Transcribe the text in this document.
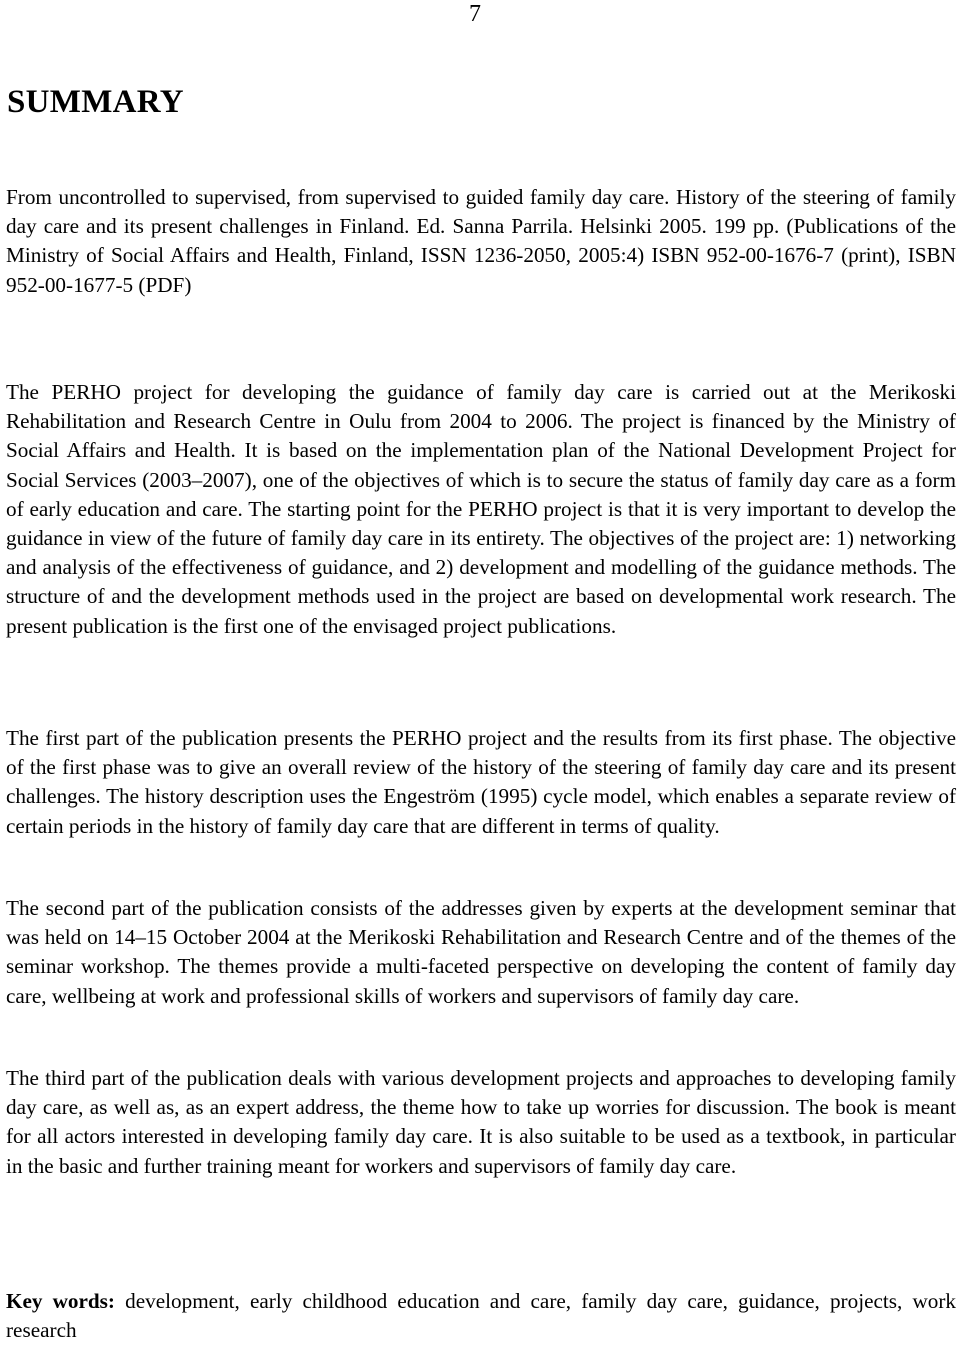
7
SUMMARY

From uncontrolled to supervised, from supervised to guided family day care. History of the steering of family day care and its present challenges in Finland. Ed. Sanna Parrila. Helsinki 2005. 199 pp. (Publications of the Ministry of Social Affairs and Health, Finland, ISSN 1236-2050, 2005:4) ISBN 952-00-1676-7 (print), ISBN 952-00-1677-5 (PDF)

The PERHO project for developing the guidance of family day care is carried out at the Merikoski Rehabilitation and Research Centre in Oulu from 2004 to 2006. The project is financed by the Ministry of Social Affairs and Health. It is based on the implementation plan of the National Development Project for Social Services (2003–2007), one of the objectives of which is to secure the status of family day care as a form of early education and care. The starting point for the PERHO project is that it is very important to develop the guidance in view of the future of family day care in its entirety. The objectives of the project are: 1) networking and analysis of the effectiveness of guidance, and 2) development and modelling of the guidance methods. The structure of and the development methods used in the project are based on developmental work research. The present publication is the first one of the envisaged project publications.

The first part of the publication presents the PERHO project and the results from its first phase. The objective of the first phase was to give an overall review of the history of the steering of family day care and its present challenges. The history description uses the Engeström (1995) cycle model, which enables a separate review of certain periods in the history of family day care that are different in terms of quality.

The second part of the publication consists of the addresses given by experts at the development seminar that was held on 14–15 October 2004 at the Merikoski Rehabilitation and Research Centre and of the themes of the seminar workshop. The themes provide a multi-faceted perspective on developing the content of family day care, wellbeing at work and professional skills of workers and supervisors of family day care.

The third part of the publication deals with various development projects and approaches to developing family day care, as well as, as an expert address, the theme how to take up worries for discussion. The book is meant for all actors interested in developing family day care. It is also suitable to be used as a textbook, in particular in the basic and further training meant for workers and supervisors of family day care.

Key words: development, early childhood education and care, family day care, guidance, projects, work research
